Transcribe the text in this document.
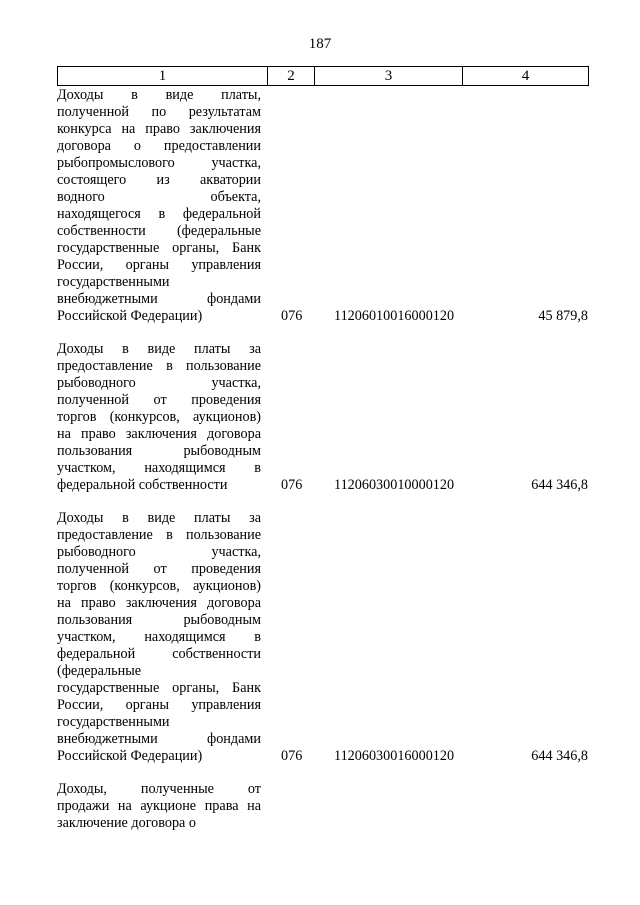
187
1	2	3	4
Доходы в виде платы,
полученной по результатам
конкурса на право заключения
договора о предоставлении
рыбопромыслового участка,
состоящего из акватории
водного объекта,
находящегося в федеральной
собственности (федеральные
государственные органы, Банк
России, органы управления
государственными
внебюджетными фондами
Российской Федерации)	076	11206010016000120	45 879,8
Доходы в виде платы за
предоставление в пользование
рыбоводного участка,
полученной от проведения
торгов (конкурсов, аукционов)
на право заключения договора
пользования рыбоводным
участком, находящимся в
федеральной собственности	076	11206030010000120	644 346,8
Доходы в виде платы за
предоставление в пользование
рыбоводного участка,
полученной от проведения
торгов (конкурсов, аукционов)
на право заключения договора
пользования рыбоводным
участком, находящимся в
федеральной собственности
(федеральные
государственные органы, Банк
России, органы управления
государственными
внебюджетными фондами
Российской Федерации)	076	11206030016000120	644 346,8
Доходы, полученные от
продажи на аукционе права на
заключение договора о
